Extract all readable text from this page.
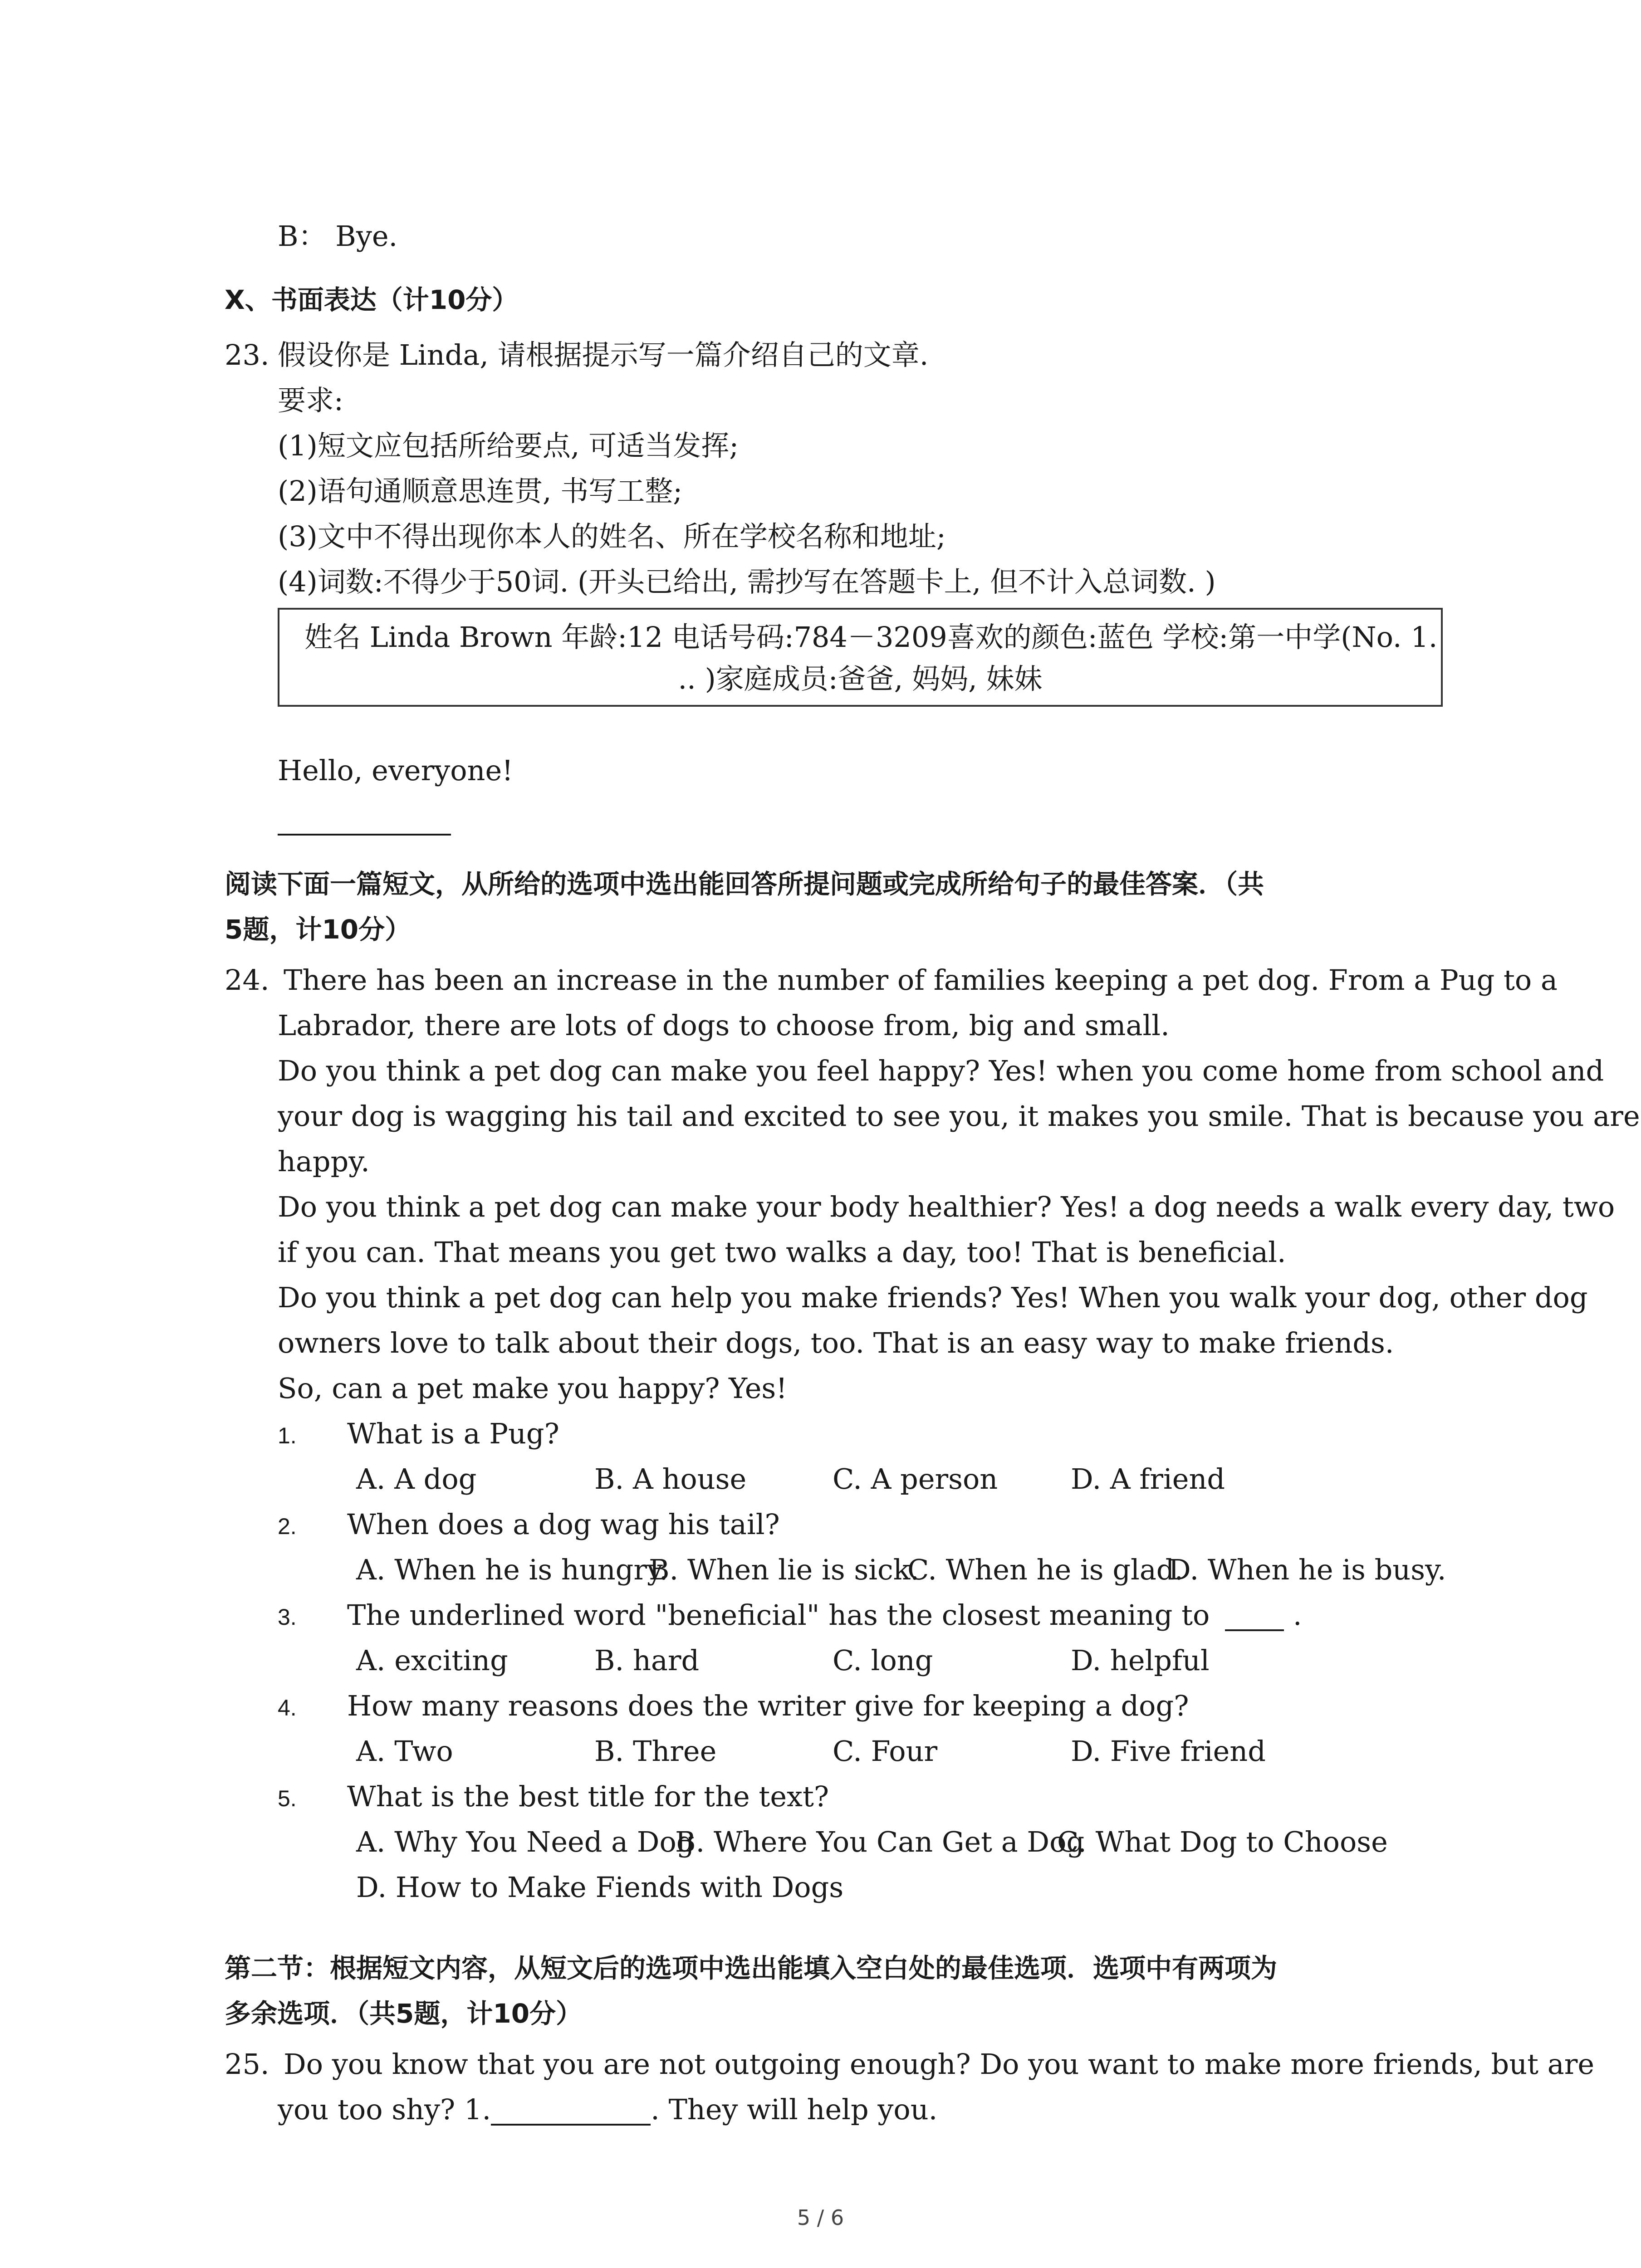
B： Bye.
X、书面表达（计10分）
23. 假设你是 Linda, 请根据提示写一篇介绍自己的文章.
要求:
(1)短文应包括所给要点, 可适当发挥;
(2)语句通顺意思连贯, 书写工整;
(3)文中不得出现你本人的姓名、所在学校名称和地址;
(4)词数:不得少于50词. (开头已给出, 需抄写在答题卡上, 但不计入总词数. )
姓名 Linda Brown 年龄:12 电话号码:784－3209喜欢的颜色:蓝色 学校:第一中学(No. 1.
.. )家庭成员:爸爸, 妈妈, 妹妹
Hello, everyone!
阅读下面一篇短文，从所给的选项中选出能回答所提问题或完成所给句子的最佳答案．（共
5题，计10分）
24. There has been an increase in the number of families keeping a pet dog. From a Pug to a
Labrador, there are lots of dogs to choose from, big and small.
Do you think a pet dog can make you feel happy? Yes! when you come home from school and
your dog is wagging his tail and excited to see you, it makes you smile. That is because you are
happy.
Do you think a pet dog can make your body healthier? Yes! a dog needs a walk every day, two
if you can. That means you get two walks a day, too! That is beneficial.
Do you think a pet dog can help you make friends? Yes! When you walk your dog, other dog
owners love to talk about their dogs, too. That is an easy way to make friends.
So, can a pet make you happy? Yes!
1. What is a Pug?
A. A dog	B. A house	C. A person	D. A friend
2. When does a dog wag his tail?
A. When he is hungry.
B. When lie is sick.
C. When he is glad.
D. When he is busy.
3. The underlined word "beneficial" has the closest meaning to	.
A. exciting	B. hard	C. long	D. helpful
4. How many reasons does the writer give for keeping a dog?
A. Two	B. Three	C. Four	D. Five friend
5. What is the best title for the text?
A. Why You Need a Dog
B. Where You Can Get a Dog
C. What Dog to Choose
D. How to Make Fiends with Dogs
第二节：根据短文内容，从短文后的选项中选出能填入空白处的最佳选项．选项中有两项为
多余选项．（共5题，计10分）
25. Do you know that you are not outgoing enough? Do you want to make more friends, but are
you too shy? 1.	. They will help you.
5 / 6
